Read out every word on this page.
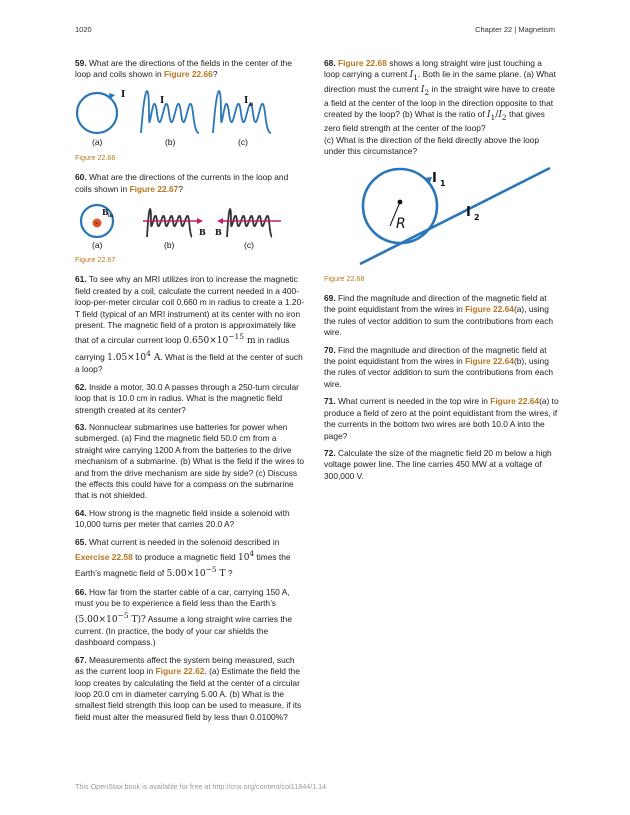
1020	Chapter 22 | Magnetism

59. What are the directions of the fields in the center of the loop and coils shown in Figure 22.66?

I
I	I B
(a)	(b)	(c)
Figure 22.66

60. What are the directions of the currents in the loop and coils shown in Figure 22.67?

×
B in
B B
(a)	(b)	(c)
Figure 22.67

61. To see why an MRI utilizes iron to increase the magnetic field created by a coil, calculate the current needed in a 400-loop-per-meter circular coil 0.660 m in radius to create a 1.20-T field (typical of an MRI instrument) at its center with no iron present. The magnetic field of a proton is approximately like that of a circular current loop $0.650\times 10^{-15}$ m in radius carrying $1.05\times 10^4$ A. What is the field at the center of such a loop?

62. Inside a motor, 30.0 A passes through a 250-turn circular loop that is 10.0 cm in radius. What is the magnetic field strength created at its center?

63. Nonnuclear submarines use batteries for power when submerged. (a) Find the magnetic field 50.0 cm from a straight wire carrying 1200 A from the batteries to the drive mechanism of a submarine. (b) What is the field if the wires to and from the drive mechanism are side by side? (c) Discuss the effects this could have for a compass on the submarine that is not shielded.

64. How strong is the magnetic field inside a solenoid with 10,000 turns per meter that carries 20.0 A?

65. What current is needed in the solenoid described in Exercise 22.58 to produce a magnetic field $10^4$ times the Earth’s magnetic field of $5.00\times 10^{-5}$ T ?

66. How far from the starter cable of a car, carrying 150 A, must you be to experience a field less than the Earth’s ($5.00\times 10^{-5}$ T)? Assume a long straight wire carries the current. (In practice, the body of your car shields the dashboard compass.)

67. Measurements affect the system being measured, such as the current loop in Figure 22.62. (a) Estimate the field the loop creates by calculating the field at the center of a circular loop 20.0 cm in diameter carrying 5.00 A. (b) What is the smallest field strength this loop can be used to measure, if its field must alter the measured field by less than 0.0100%?

68. Figure 22.68 shows a long straight wire just touching a loop carrying a current $I_1$. Both lie in the same plane. (a) What direction must the current $I_2$ in the straight wire have to create a field at the center of the loop in the direction opposite to that created by the loop? (b) What is the ratio of $I_1/I_2$ that gives zero field strength at the center of the loop?
(c) What is the direction of the field directly above the loop under this circumstance?

R
I 1
I 2
Figure 22.68

69. Find the magnitude and direction of the magnetic field at the point equidistant from the wires in Figure 22.64(a), using the rules of vector addition to sum the contributions from each wire.

70. Find the magnitude and direction of the magnetic field at the point equidistant from the wires in Figure 22.64(b), using the rules of vector addition to sum the contributions from each wire.

71. What current is needed in the top wire in Figure 22.64(a) to produce a field of zero at the point equidistant from the wires, if the currents in the bottom two wires are both 10.0 A into the page?

72. Calculate the size of the magnetic field 20 m below a high voltage power line. The line carries 450 MW at a voltage of 300,000 V.

This OpenStax book is available for free at http://cnx.org/content/col11844/1.14
